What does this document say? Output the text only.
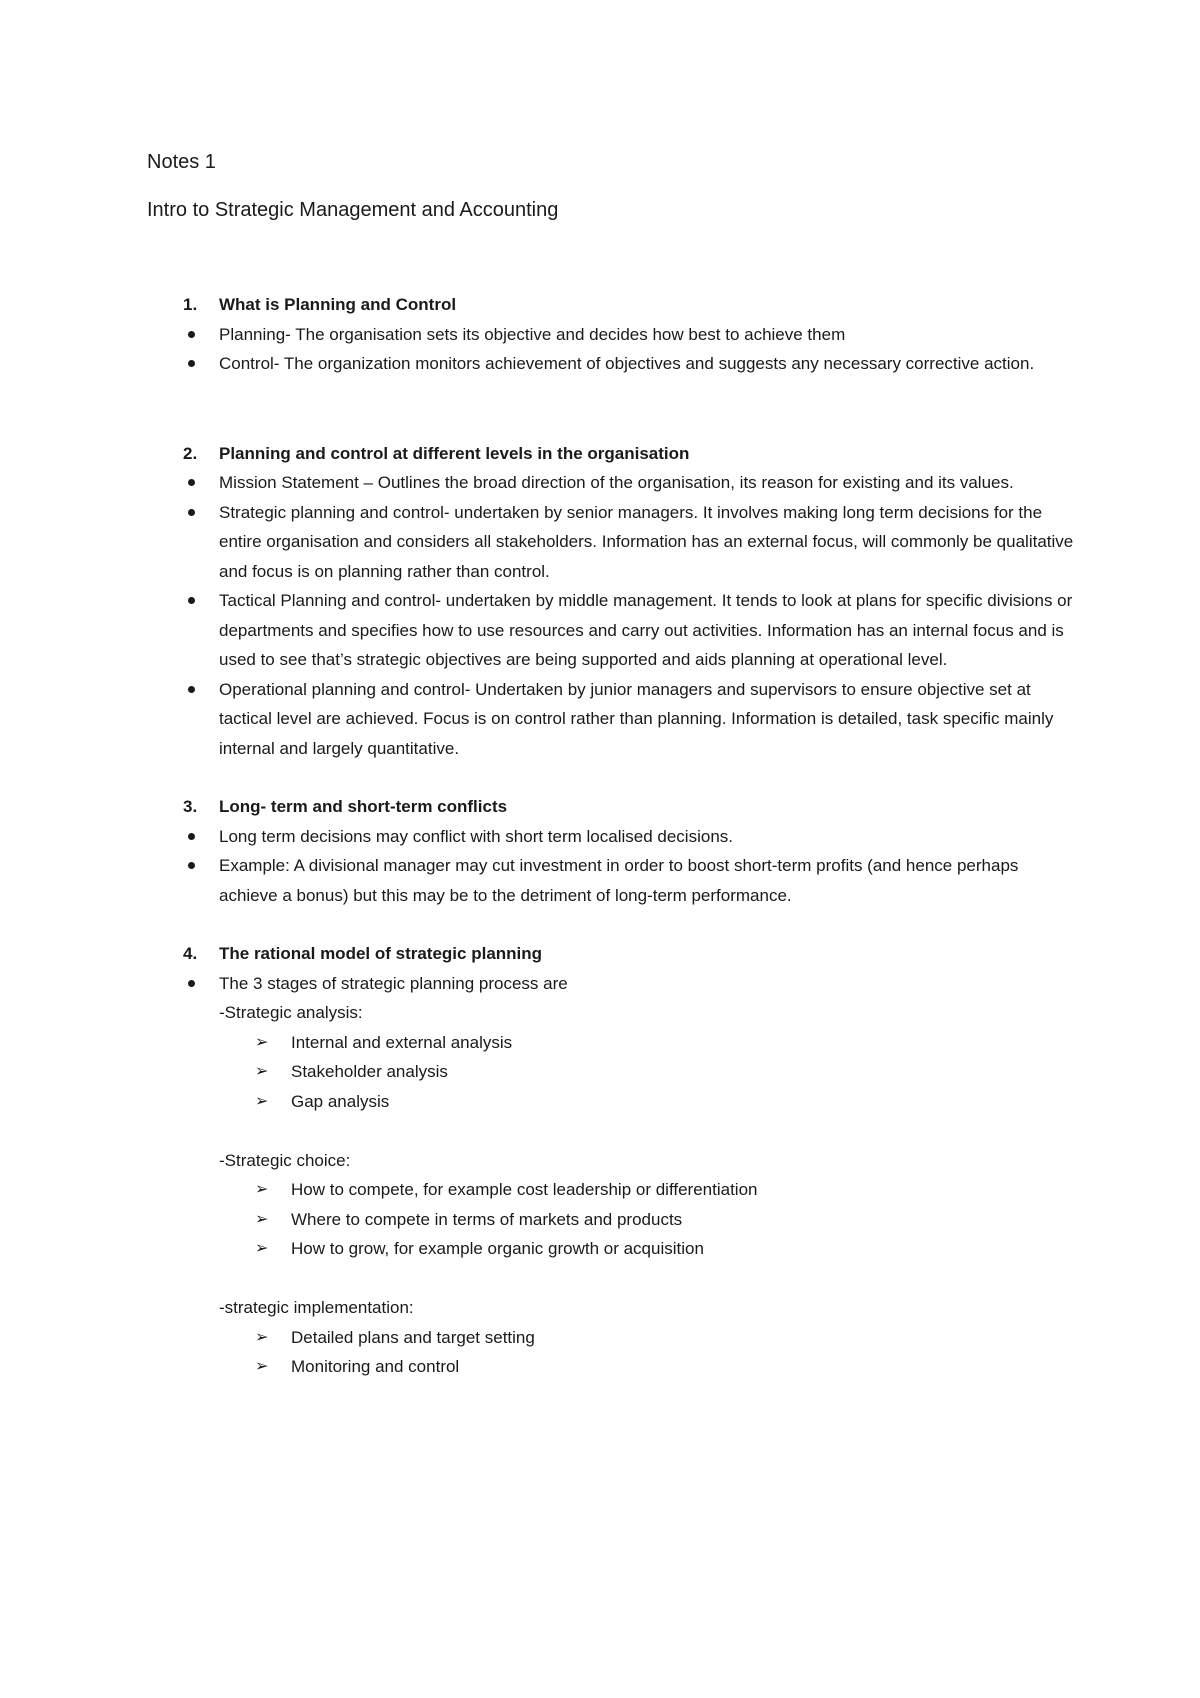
Notes 1
Intro to Strategic Management and Accounting

1. What is Planning and Control

Planning- The organisation sets its objective and decides how best to achieve them
Control- The organization monitors achievement of objectives and suggests any necessary corrective action.

2. Planning and control at different levels in the organisation

Mission Statement – Outlines the broad direction of the organisation, its reason for existing and its values.
Strategic planning and control- undertaken by senior managers. It involves making long term decisions for the entire organisation and considers all stakeholders. Information has an external focus, will commonly be qualitative and focus is on planning rather than control.
Tactical Planning and control- undertaken by middle management. It tends to look at plans for specific divisions or departments and specifies how to use resources and carry out activities. Information has an internal focus and is used to see that’s strategic objectives are being supported and aids planning at operational level.
Operational planning and control- Undertaken by junior managers and supervisors to ensure objective set at tactical level are achieved. Focus is on control rather than planning. Information is detailed, task specific mainly internal and largely quantitative.

3. Long- term and short-term conflicts

Long term decisions may conflict with short term localised decisions.
Example: A divisional manager may cut investment in order to boost short-term profits (and hence perhaps achieve a bonus) but this may be to the detriment of long-term performance.

4. The rational model of strategic planning

The 3 stages of strategic planning process are

-Strategic analysis:

➢ Internal and external analysis
➢ Stakeholder analysis
➢ Gap analysis

-Strategic choice:

➢ How to compete, for example cost leadership or differentiation
➢ Where to compete in terms of markets and products
➢ How to grow, for example organic growth or acquisition

-strategic implementation:

➢ Detailed plans and target setting
➢ Monitoring and control
